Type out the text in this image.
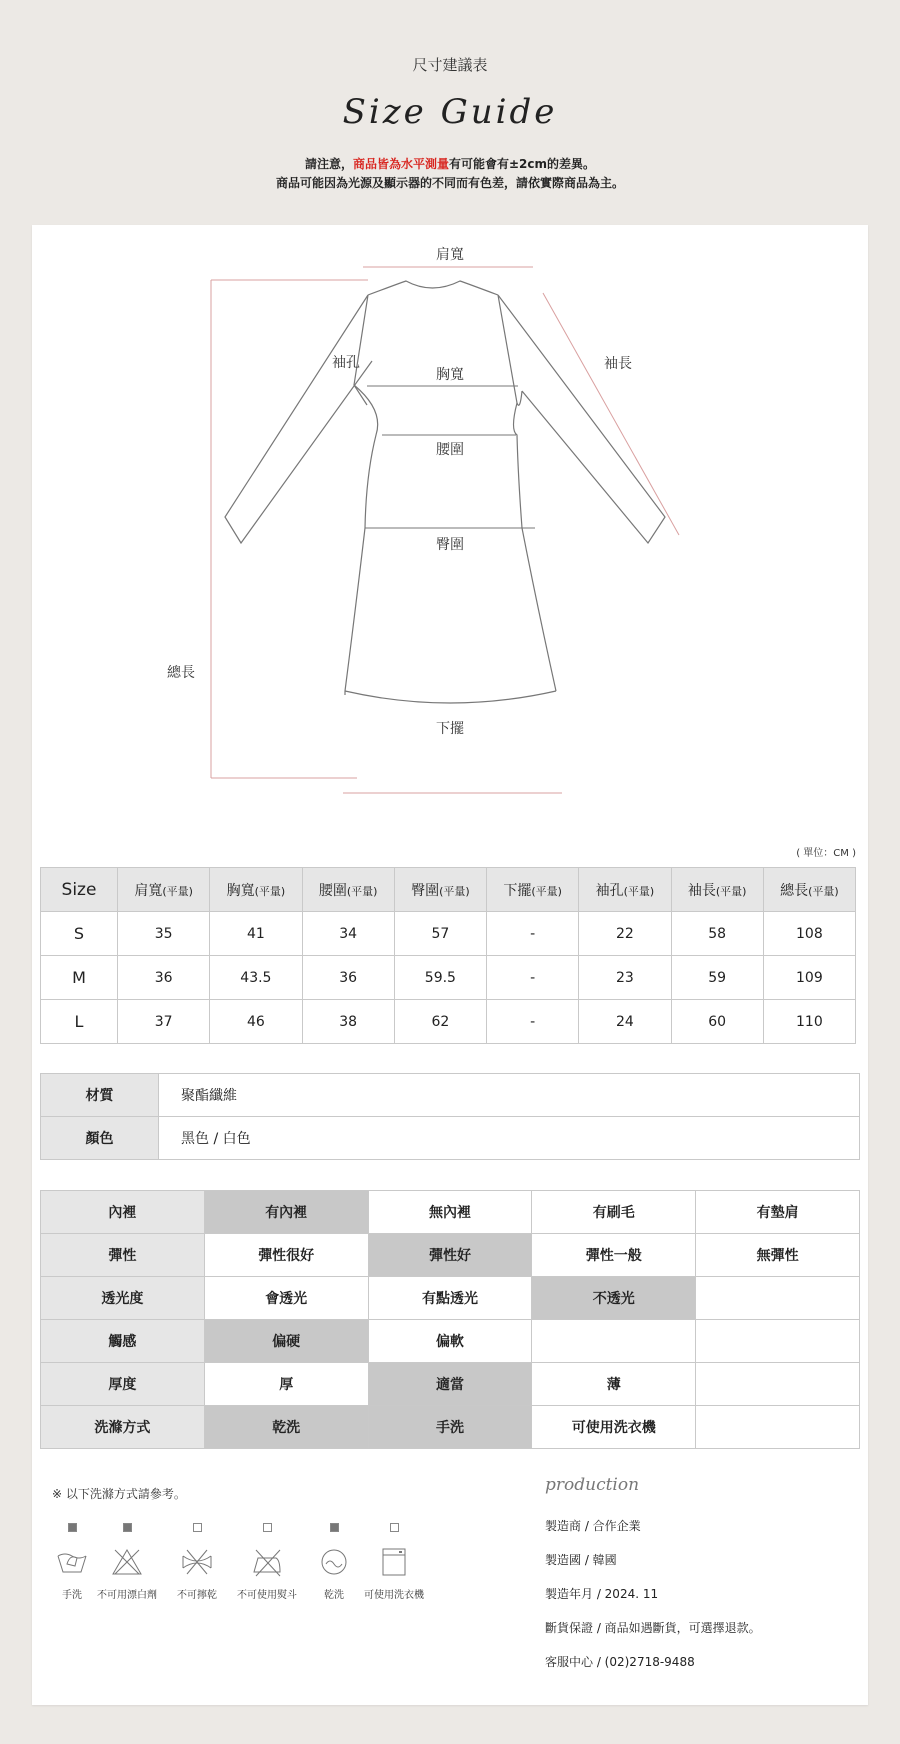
尺寸建議表
Size Guide
請注意，商品皆為水平測量有可能會有±2cm的差異。
商品可能因為光源及顯示器的不同而有色差，請依實際商品為主。
肩寬
袖孔
胸寬
袖長
腰圍
臀圍
總長
下擺
( 單位：CM )
Size	肩寬(平量)	胸寬(平量)	腰圍(平量)	臀圍(平量)	下擺(平量)	袖孔(平量)	袖長(平量)	總長(平量)
S	35	41	34	57	-	22	58	108
M	36	43.5	36	59.5	-	23	59	109
L	37	46	38	62	-	24	60	110
材質	聚酯纖維
顏色	黑色 / 白色
內裡	有內裡	無內裡	有刷毛	有墊肩
彈性	彈性很好	彈性好	彈性一般	無彈性
透光度	會透光	有點透光	不透光	
觸感	偏硬	偏軟		
厚度	厚	適當	薄	
洗滌方式	乾洗	手洗	可使用洗衣機	
※ 以下洗滌方式請參考。
手洗	不可用漂白劑	不可擰乾	不可使用熨斗	乾洗	可使用洗衣機
production
製造商 / 合作企業
製造國 / 韓國
製造年月 / 2024. 11
斷貨保證 / 商品如遇斷貨，可選擇退款。
客服中心 / (02)2718-9488
